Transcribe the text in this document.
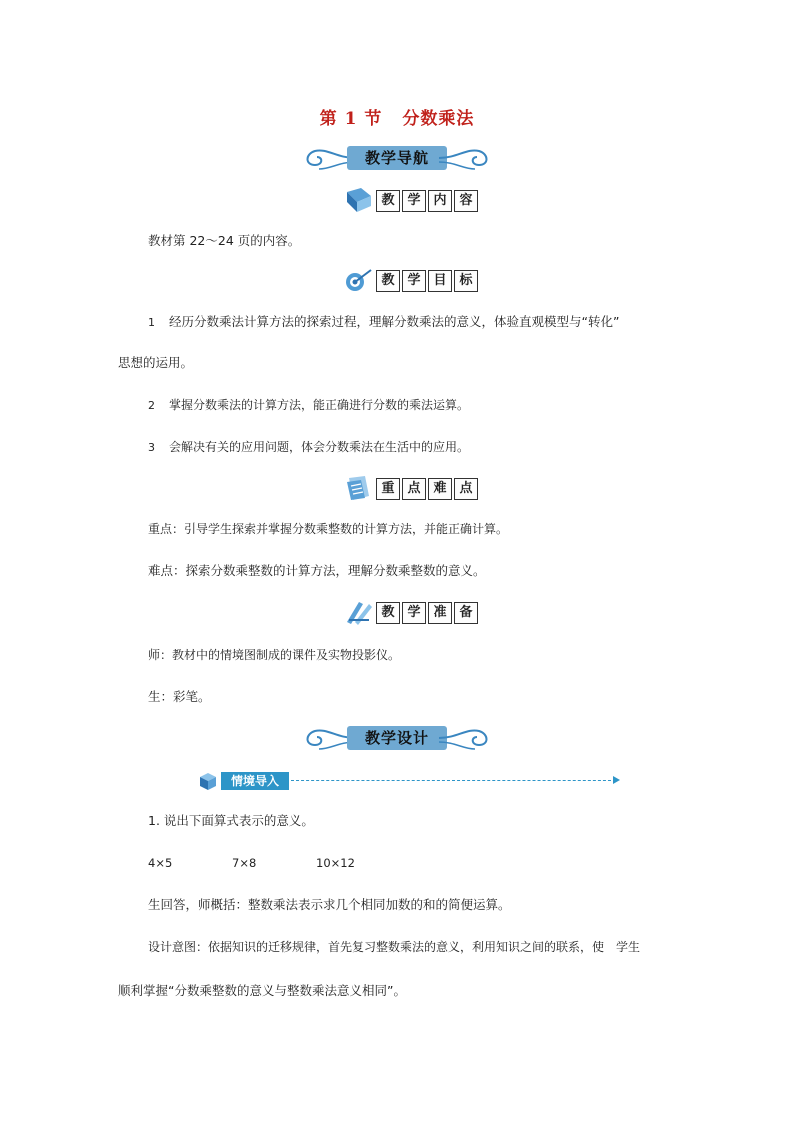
第 1 节 分数乘法
教学导航
教 学 内 容
教材第 22～24 页的内容。
教 学 目 标
1 经历分数乘法计算方法的探索过程，理解分数乘法的意义，体验直观模型与“转化”
思想的运用。
2 掌握分数乘法的计算方法，能正确进行分数的乘法运算。
3 会解决有关的应用问题，体会分数乘法在生活中的应用。
重 点 难 点
重点：引导学生探索并掌握分数乘整数的计算方法，并能正确计算。
难点：探索分数乘整数的计算方法，理解分数乘整数的意义。
教 学 准 备
师：教材中的情境图制成的课件及实物投影仪。
生：彩笔。
教学设计
情境导入
1. 说出下面算式表示的意义。
4×5	7×8	10×12
生回答，师概括：整数乘法表示求几个相同加数的和的简便运算。
设计意图：依据知识的迁移规律，首先复习整数乘法的意义，利用知识之间的联系，使　学生
顺利掌握“分数乘整数的意义与整数乘法意义相同”。
